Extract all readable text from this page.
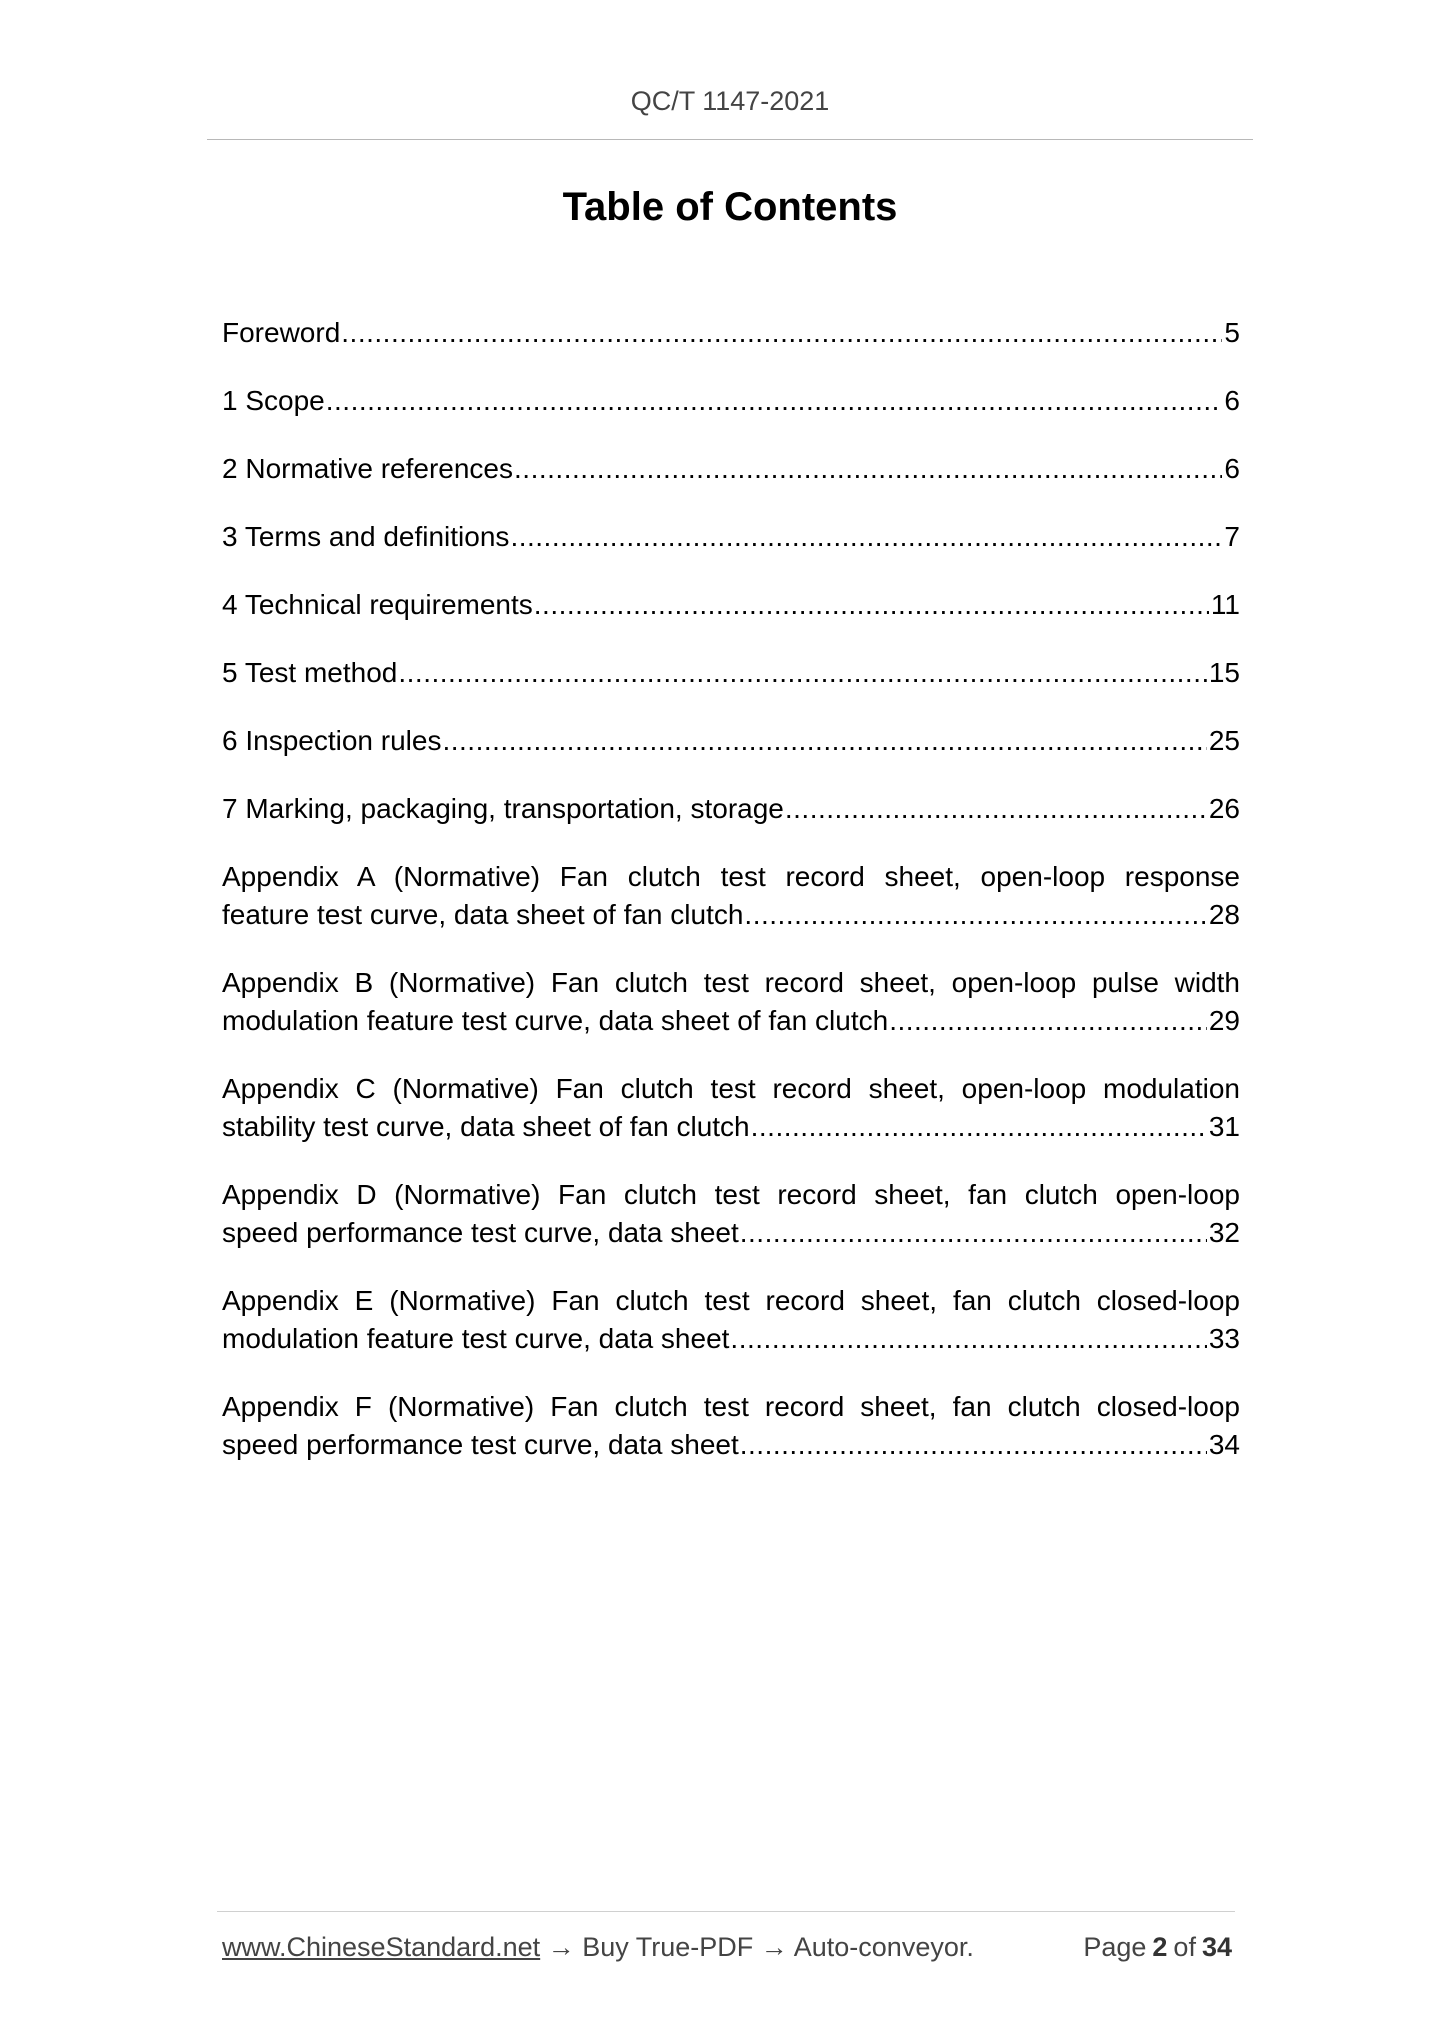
QC/T 1147-2021
Table of Contents
Foreword .....	5
1 Scope .....	6
2 Normative references .....	6
3 Terms and definitions .....	7
4 Technical requirements .....	11
5 Test method .....	15
6 Inspection rules .....	25
7 Marking, packaging, transportation, storage .....	26
Appendix A (Normative) Fan clutch test record sheet, open-loop response
feature test curve, data sheet of fan clutch .....	28
Appendix B (Normative) Fan clutch test record sheet, open-loop pulse width
modulation feature test curve, data sheet of fan clutch .....	29
Appendix C (Normative) Fan clutch test record sheet, open-loop modulation
stability test curve, data sheet of fan clutch .....	31
Appendix D (Normative) Fan clutch test record sheet, fan clutch open-loop
speed performance test curve, data sheet .....	32
Appendix E (Normative) Fan clutch test record sheet, fan clutch closed-loop
modulation feature test curve, data sheet .....	33
Appendix F (Normative) Fan clutch test record sheet, fan clutch closed-loop
speed performance test curve, data sheet .....	34
www.ChineseStandard.net → Buy True-PDF → Auto-conveyor.	Page 2 of 34
